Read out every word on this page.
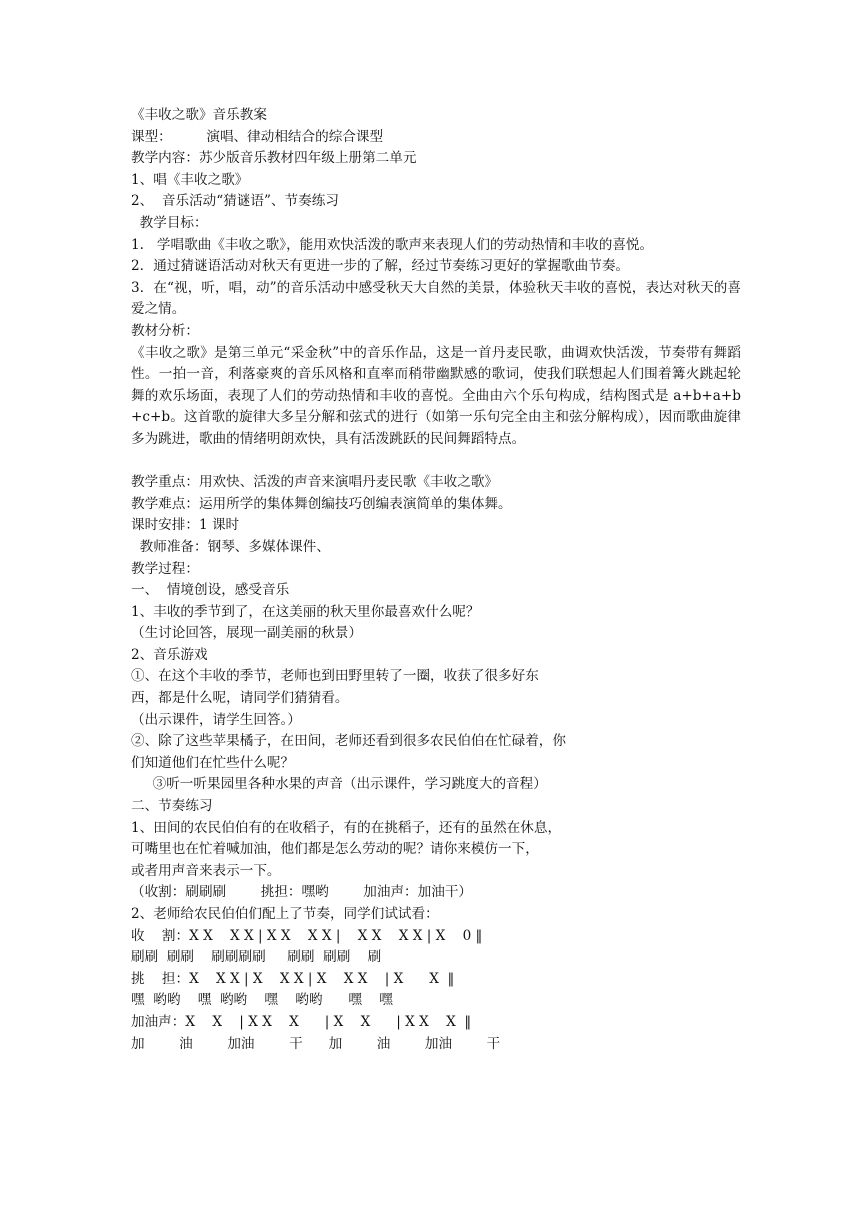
《丰收之歌》音乐教案
课型：        演唱、律动相结合的综合课型
教学内容：苏少版音乐教材四年级上册第二单元
1、唱《丰收之歌》
2、  音乐活动“猜谜语”、节奏练习
教学目标：
1.   学唱歌曲《丰收之歌》，能用欢快活泼的歌声来表现人们的劳动热情和丰收的喜悦。
2．通过猜谜语活动对秋天有更进一步的了解，经过节奏练习更好的掌握歌曲节奏。
3．在“视，听，唱，动”的音乐活动中感受秋天大自然的美景，体验秋天丰收的喜悦，表达对秋天的喜爱之情。
教材分析：
《丰收之歌》是第三单元“采金秋”中的音乐作品，这是一首丹麦民歌，曲调欢快活泼，节奏带有舞蹈性。一拍一音，利落豪爽的音乐风格和直率而稍带幽默感的歌词，使我们联想起人们围着篝火跳起轮舞的欢乐场面，表现了人们的劳动热情和丰收的喜悦。全曲由六个乐句构成，结构图式是 a+b+a+b+c+b。这首歌的旋律大多呈分解和弦式的进行（如第一乐句完全由主和弦分解构成），因而歌曲旋律多为跳进，歌曲的情绪明朗欢快，具有活泼跳跃的民间舞蹈特点。
教学重点：用欢快、活泼的声音来演唱丹麦民歌《丰收之歌》
教学难点：运用所学的集体舞创编技巧创编表演简单的集体舞。
课时安排：1 课时
教师准备：钢琴、多媒体课件、
教学过程：
一、  情境创设，感受音乐
1、丰收的季节到了，在这美丽的秋天里你最喜欢什么呢？
（生讨论回答，展现一副美丽的秋景）
2、音乐游戏
①、在这个丰收的季节，老师也到田野里转了一圈，收获了很多好东
西，都是什么呢，请同学们猜猜看。
（出示课件，请学生回答。）
②、除了这些苹果橘子，在田间，老师还看到很多农民伯伯在忙碌着，你
们知道他们在忙些什么呢？
③听一听果园里各种水果的声音（出示课件，学习跳度大的音程）
二、节奏练习
1、田间的农民伯伯有的在收稻子，有的在挑稻子，还有的虽然在休息，
可嘴里也在忙着喊加油，他们都是怎么劳动的呢？请你来模仿一下，
或者用声音来表示一下。
（收割：刷刷刷        挑担：嘿哟        加油声：加油干）
2、老师给农民伯伯们配上了节奏，同学们试试看：
收    割：X X    X X | X X    X X |    X X    X X | X    0 ‖
刷刷  刷刷    刷刷刷刷     刷刷  刷刷    刷
挑    担：X    X X | X    X X | X    X X    | X      X  ‖
嘿  哟哟    嘿  哟哟    嘿    哟哟      嘿    嘿
加油声：X    X    | X X    X      | X    X      | X X    X  ‖
加        油        加油        干      加        油        加油        干
